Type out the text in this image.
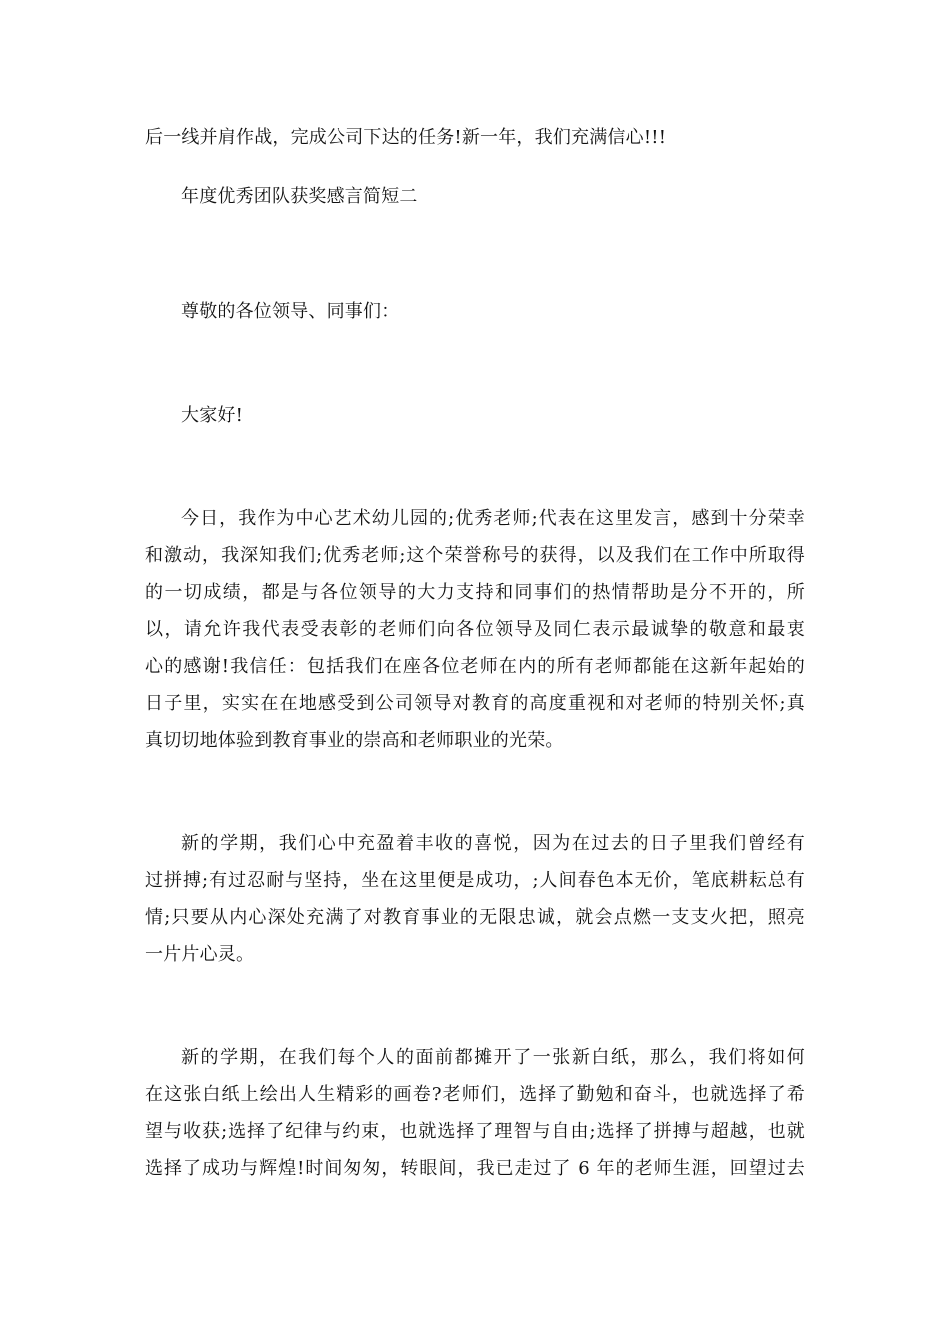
后一线并肩作战，完成公司下达的任务!新一年，我们充满信心!!!
年度优秀团队获奖感言简短二
尊敬的各位领导、同事们：
大家好!
今日，我作为中心艺术幼儿园的;优秀老师;代表在这里发言，感到十分荣幸
和激动，我深知我们;优秀老师;这个荣誉称号的获得，以及我们在工作中所取得
的一切成绩，都是与各位领导的大力支持和同事们的热情帮助是分不开的，所
以，请允许我代表受表彰的老师们向各位领导及同仁表示最诚挚的敬意和最衷
心的感谢!我信任：包括我们在座各位老师在内的所有老师都能在这新年起始的
日子里，实实在在地感受到公司领导对教育的高度重视和对老师的特别关怀;真
真切切地体验到教育事业的崇高和老师职业的光荣。
新的学期，我们心中充盈着丰收的喜悦，因为在过去的日子里我们曾经有
过拼搏;有过忍耐与坚持，坐在这里便是成功，;人间春色本无价，笔底耕耘总有
情;只要从内心深处充满了对教育事业的无限忠诚，就会点燃一支支火把，照亮
一片片心灵。
新的学期，在我们每个人的面前都摊开了一张新白纸，那么，我们将如何
在这张白纸上绘出人生精彩的画卷?老师们，选择了勤勉和奋斗，也就选择了希
望与收获;选择了纪律与约束，也就选择了理智与自由;选择了拼搏与超越，也就
选择了成功与辉煌!时间匆匆，转眼间，我已走过了 6 年的老师生涯，回望过去
